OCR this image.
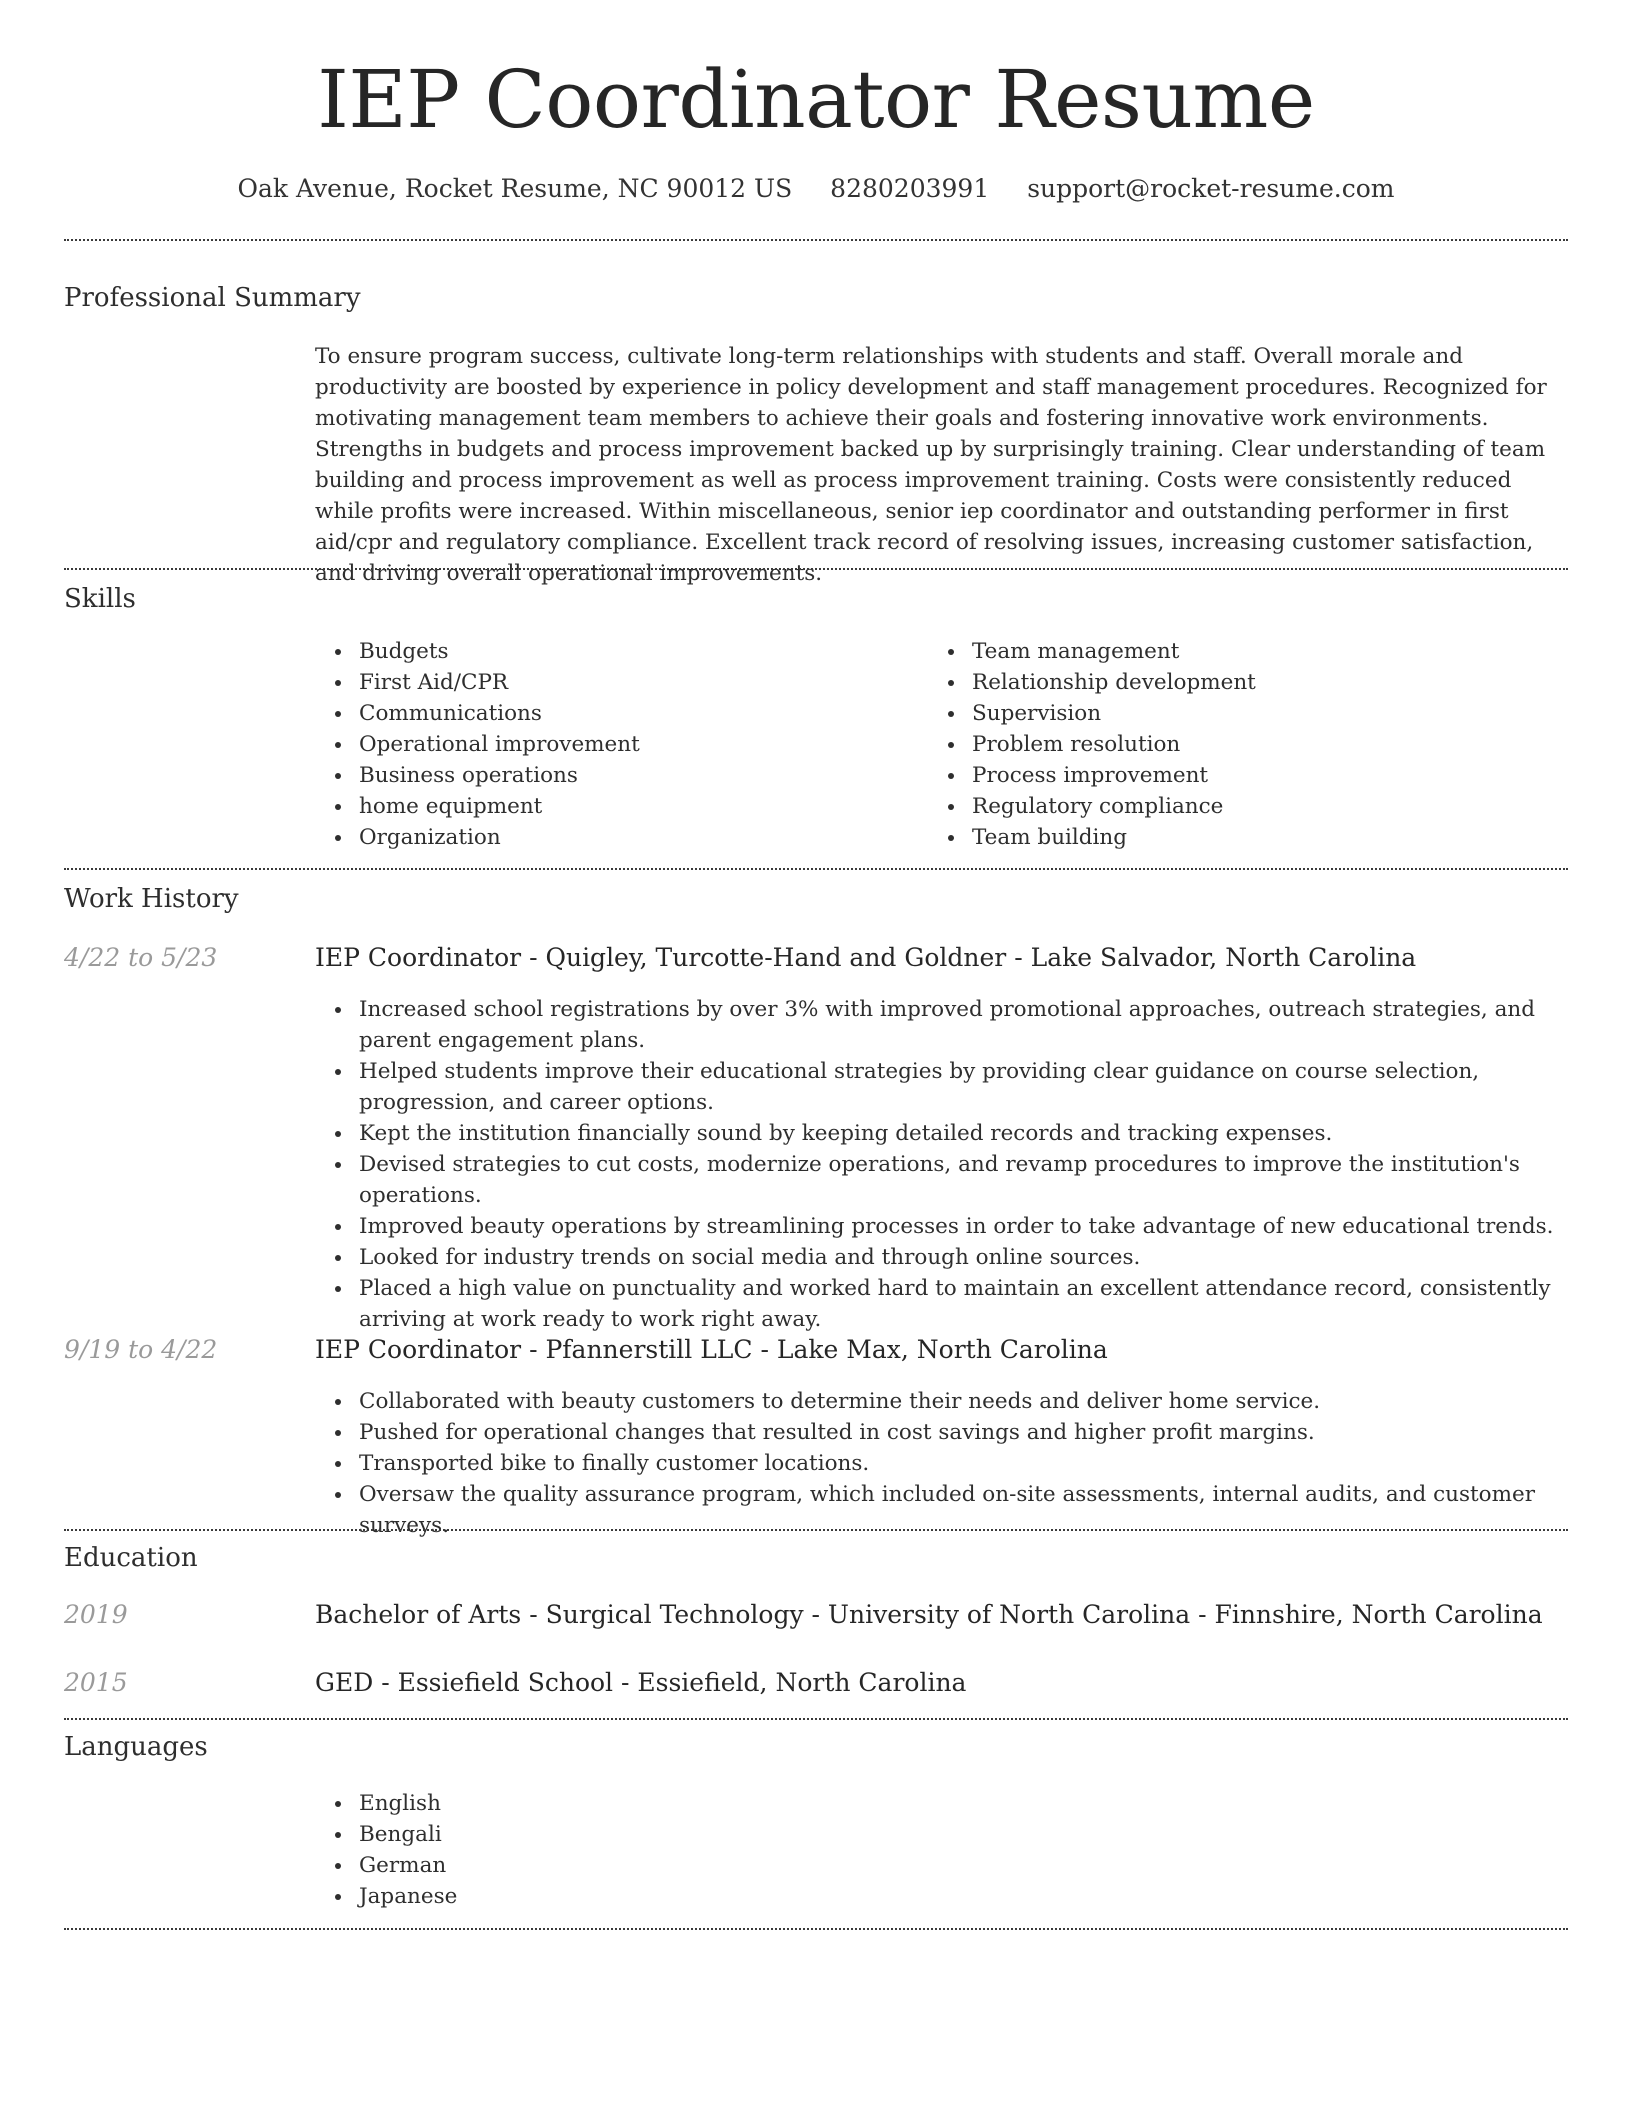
IEP Coordinator Resume
Oak Avenue, Rocket Resume, NC 90012 US 8280203991 support@rocket-resume.com
Professional Summary

To ensure program success, cultivate long-term relationships with students and staff. Overall morale and productivity are boosted by experience in policy development and staff management procedures. Recognized for motivating management team members to achieve their goals and fostering innovative work environments. Strengths in budgets and process improvement backed up by surprisingly training. Clear understanding of team building and process improvement as well as process improvement training. Costs were consistently reduced while profits were increased. Within miscellaneous, senior iep coordinator and outstanding performer in first aid/cpr and regulatory compliance. Excellent track record of resolving issues, increasing customer satisfaction, and driving overall operational improvements.

Skills
Budgets
First Aid/CPR
Communications
Operational improvement
Business operations
home equipment
Organization
Team management
Relationship development
Supervision
Problem resolution
Process improvement
Regulatory compliance
Team building
Work History
4/22 to 5/23	IEP Coordinator - Quigley, Turcotte-Hand and Goldner - Lake Salvador, North Carolina
Increased school registrations by over 3% with improved promotional approaches, outreach strategies, and parent engagement plans.
Helped students improve their educational strategies by providing clear guidance on course selection, progression, and career options.
Kept the institution financially sound by keeping detailed records and tracking expenses.
Devised strategies to cut costs, modernize operations, and revamp procedures to improve the institution's operations.
Improved beauty operations by streamlining processes in order to take advantage of new educational trends.
Looked for industry trends on social media and through online sources.
Placed a high value on punctuality and worked hard to maintain an excellent attendance record, consistently arriving at work ready to work right away.
9/19 to 4/22	IEP Coordinator - Pfannerstill LLC - Lake Max, North Carolina
Collaborated with beauty customers to determine their needs and deliver home service.
Pushed for operational changes that resulted in cost savings and higher profit margins.
Transported bike to finally customer locations.
Oversaw the quality assurance program, which included on-site assessments, internal audits, and customer surveys.
Education
2019	Bachelor of Arts - Surgical Technology - University of North Carolina - Finnshire, North Carolina
2015	GED - Essiefield School - Essiefield, North Carolina
Languages
English
Bengali
German
Japanese
